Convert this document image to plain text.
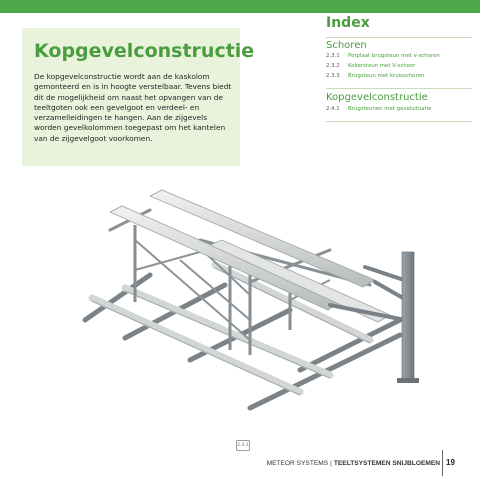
Kopgevelconstructie
De kopgevelconstructie wordt aan de kaskolom gemonteerd en is in hoogte verstelbaar. Tevens biedt dit de mogelijkheid om naast het opvangen van de teeltgoten ook een gevelgoot en verdeel- en verzamelleidingen te hangen. Aan de zijgevels worden gevelkolommen toegepast om het kantelen van de zijgevelgoot voorkomen.
Index
Schoren
2.3.1 Potplaat brugsteun met v-schoren
2.3.2 Kokersteun met V-schoor
2.3.3 Brugsteun met kruisschoren
Kopgevelconstructie
2.4.1 Brugsteunen met gevelsituatie
2.4.1
METEOR SYSTEMS | TEELTSYSTEMEN SNIJBLOEMEN 19
